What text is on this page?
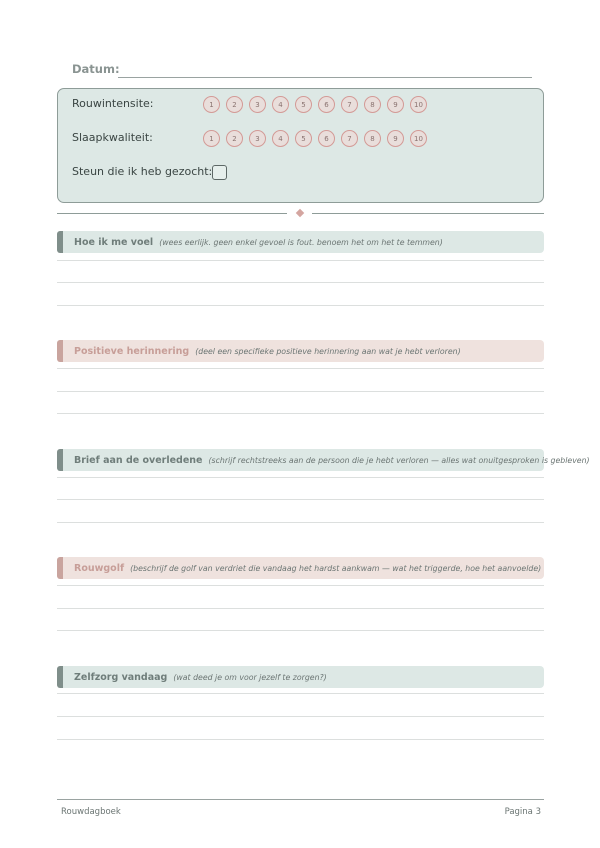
Datum:
Rouwintensite:	1	2	3	4	5	6	7	8	9	10
Slaapkwaliteit:	1	2	3	4	5	6	7	8	9	10
Steun die ik heb gezocht:
Hoe ik me voel (wees eerlijk. geen enkel gevoel is fout. benoem het om het te temmen)
Positieve herinnering (deel een specifieke positieve herinnering aan wat je hebt verloren)
Brief aan de overledene (schrijf rechtstreeks aan de persoon die je hebt verloren — alles wat onuitgesproken is gebleven)
Rouwgolf (beschrijf de golf van verdriet die vandaag het hardst aankwam — wat het triggerde, hoe het aanvoelde)
Zelfzorg vandaag (wat deed je om voor jezelf te zorgen?)
Rouwdagboek	Pagina 3
